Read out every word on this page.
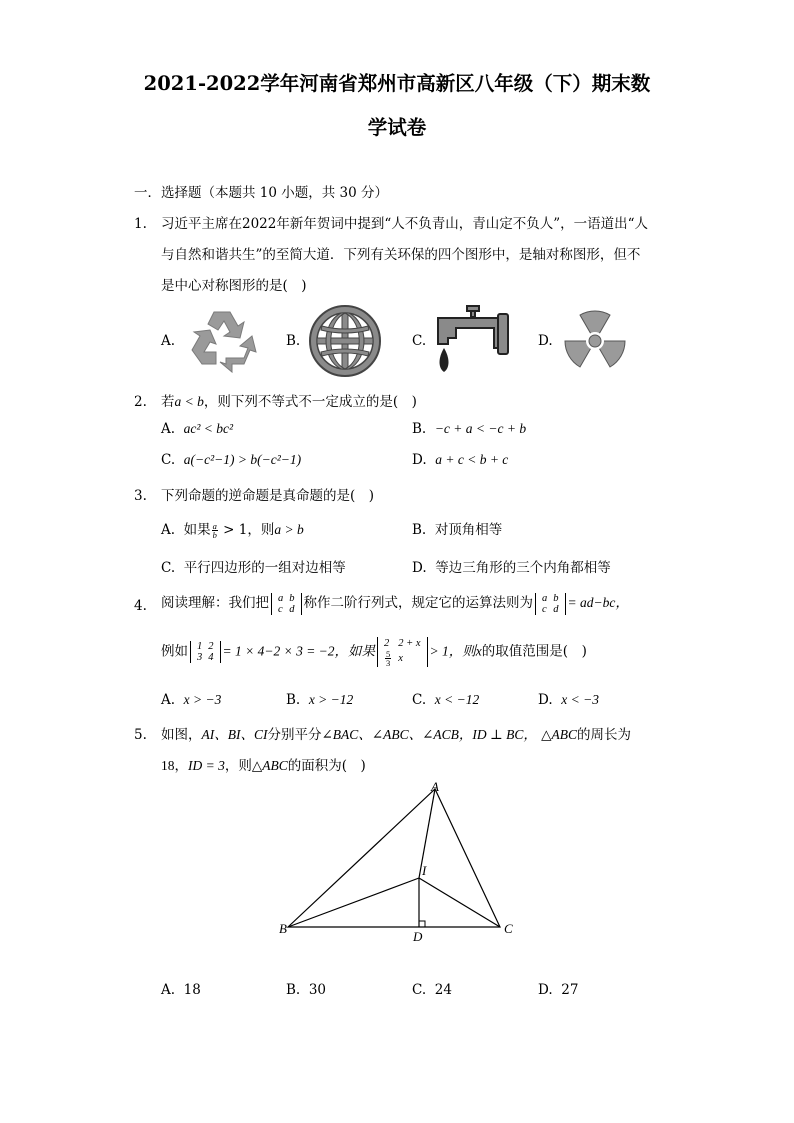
2021-2022学年河南省郑州市高新区八年级（下）期末数
学试卷
一．选择题（本题共 10 小题，共 30 分）
1. 习近平主席在2022年新年贺词中提到“人不负青山，青山定不负人”，一语道出“人
与自然和谐共生”的至简大道．下列有关环保的四个图形中，是轴对称图形，但不
是中心对称图形的是(　)
A.	B.	C.	D.
2. 若a < b，则下列不等式不一定成立的是(　)
A. ac² < bc²	B. −c + a < −c + b
C. a(−c²−1) > b(−c²−1)	D. a + c < b + c
3. 下列命题的逆命题是真命题的是(　)
A. 如果 $\frac{a}{b} > 1$，则a > b	B. 对顶角相等
C. 平行四边形的一组对边相等	D. 等边三角形的三个内角都相等
4. 阅读理解：我们把 a	b
c	d 称作二阶行列式，规定它的运算法则为 a	b
c	d = ad−bc，
例如 1	2
3	4 = 1 × 4−2 × 3 = −2，如果 2	2 + x

$\frac{5}{3}$	x > 1，则x的取值范围是(　)
A. x > −3	B. x > −12	C. x < −12	D. x < −3
5. 如图，AI、BI、CI分别平分∠BAC、∠ABC、∠ACB，ID ⊥ BC， △ABC的周长为
18，ID = 3，则△ABC的面积为(　)
A
B	C
D
I
A. 18	B. 30	C. 24	D. 27
